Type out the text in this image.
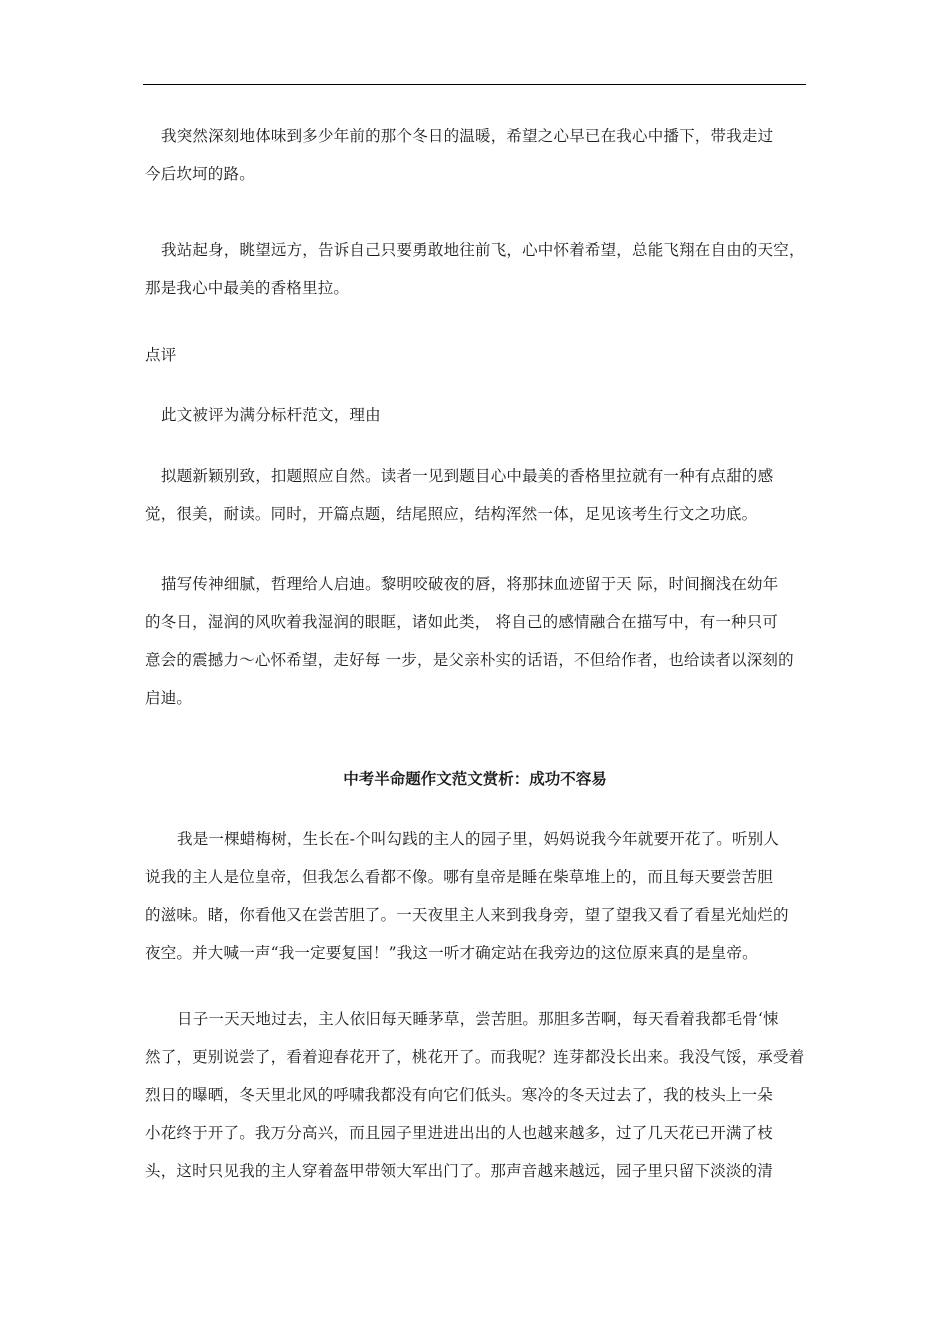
我突然深刻地体味到多少年前的那个冬日的温暖，希望之心早已在我心中播下，带我走过
今后坎坷的路。
我站起身，眺望远方，告诉自己只要勇敢地往前飞，心中怀着希望，总能飞翔在自由的天空，
那是我心中最美的香格里拉。
点评
此文被评为满分标杆范文，理由
拟题新颖别致，扣题照应自然。读者一见到题目心中最美的香格里拉就有一种有点甜的感
觉，很美，耐读。同时，开篇点题，结尾照应，结构浑然一体，足见该考生行文之功底。
描写传神细腻，哲理给人启迪。黎明咬破夜的唇，将那抹血迹留于天 际，时间搁浅在幼年
的冬日，湿润的风吹着我湿润的眼眶，诸如此类， 将自己的感情融合在描写中，有一种只可
意会的震撼力～心怀希望，走好每 一步，是父亲朴实的话语，不但给作者，也给读者以深刻的
启迪。
中考半命题作文范文赏析：成功不容易
我是一棵蜡梅树，生长在-个叫勾践的主人的园子里，妈妈说我今年就要开花了。听别人
说我的主人是位皇帝，但我怎么看都不像。哪有皇帝是睡在柴草堆上的，而且每天要尝苦胆
的滋味。睹，你看他又在尝苦胆了。一天夜里主人来到我身旁，望了望我又看了看星光灿烂的
夜空。并大喊一声“我一定要复国！”我这一听才确定站在我旁边的这位原来真的是皇帝。
日子一天天地过去，主人依旧每天睡茅草，尝苦胆。那胆多苦啊，每天看着我都毛骨‘悚
然了，更别说尝了，看着迎春花开了，桃花开了。而我呢？连芽都没长出来。我没气馁，承受着
烈日的曝晒，冬天里北风的呼啸我都没有向它们低头。寒冷的冬天过去了，我的枝头上一朵
小花终于开了。我万分高兴，而且园子里进进出出的人也越来越多，过了几天花已开满了枝
头，这时只见我的主人穿着盔甲带领大军出门了。那声音越来越远，园子里只留下淡淡的清
